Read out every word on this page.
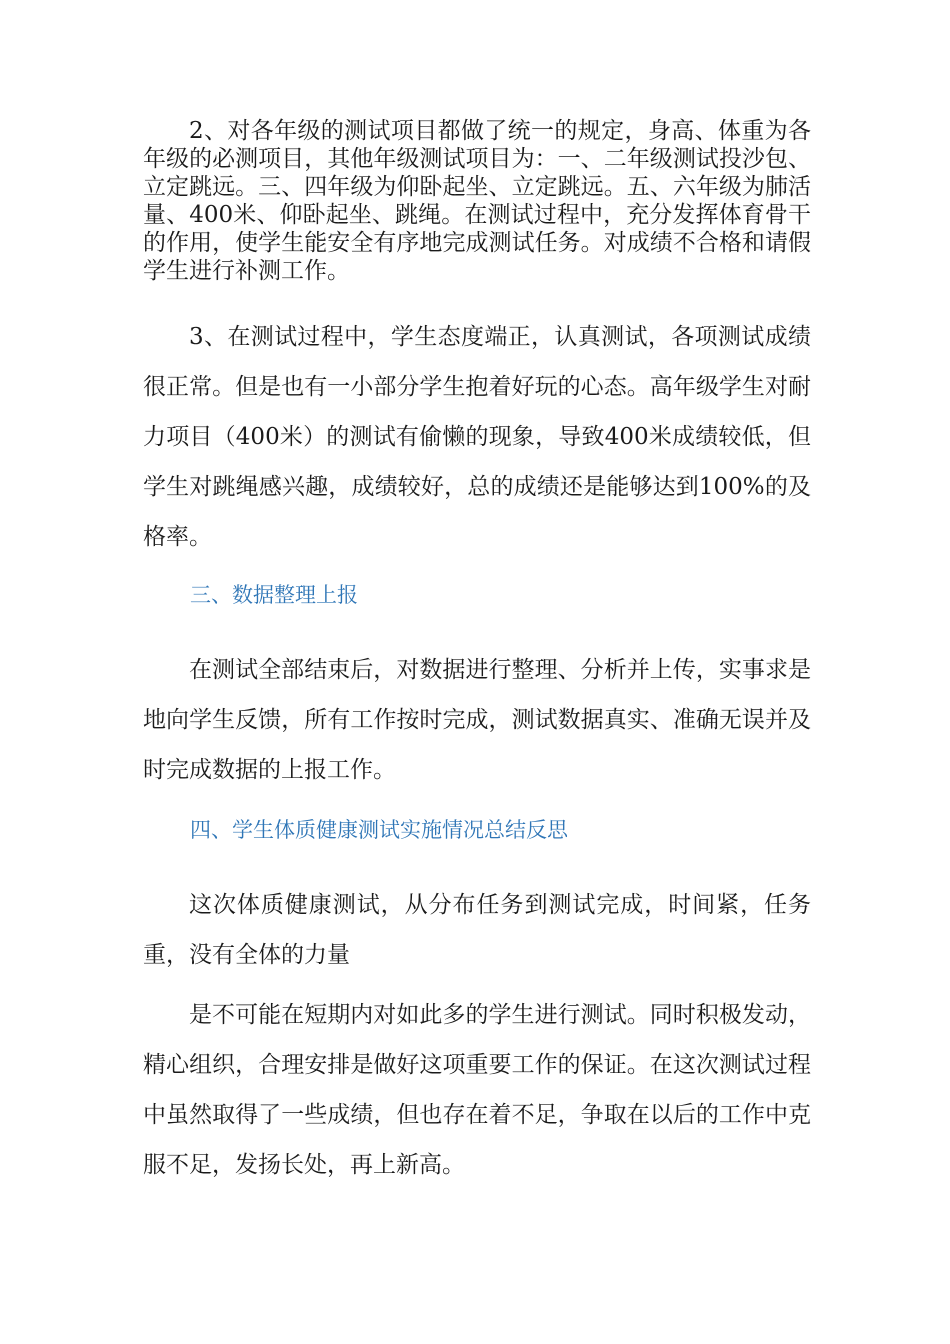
2、对各年级的测试项目都做了统一的规定，身高、体重为各年级的必测项目，其他年级测试项目为：一、二年级测试投沙包、立定跳远。三、四年级为仰卧起坐、立定跳远。五、六年级为肺活量、400米、仰卧起坐、跳绳。在测试过程中，充分发挥体育骨干的作用，使学生能安全有序地完成测试任务。对成绩不合格和请假学生进行补测工作。

3、在测试过程中，学生态度端正，认真测试，各项测试成绩很正常。但是也有一小部分学生抱着好玩的心态。高年级学生对耐力项目（400米）的测试有偷懒的现象，导致400米成绩较低，但学生对跳绳感兴趣，成绩较好，总的成绩还是能够达到100%的及格率。

三、数据整理上报

在测试全部结束后，对数据进行整理、分析并上传，实事求是地向学生反馈，所有工作按时完成，测试数据真实、准确无误并及时完成数据的上报工作。

四、学生体质健康测试实施情况总结反思

这次体质健康测试，从分布任务到测试完成，时间紧，任务重，没有全体的力量

是不可能在短期内对如此多的学生进行测试。同时积极发动，精心组织，合理安排是做好这项重要工作的保证。在这次测试过程中虽然取得了一些成绩，但也存在着不足，争取在以后的工作中克服不足，发扬长处，再上新高。
